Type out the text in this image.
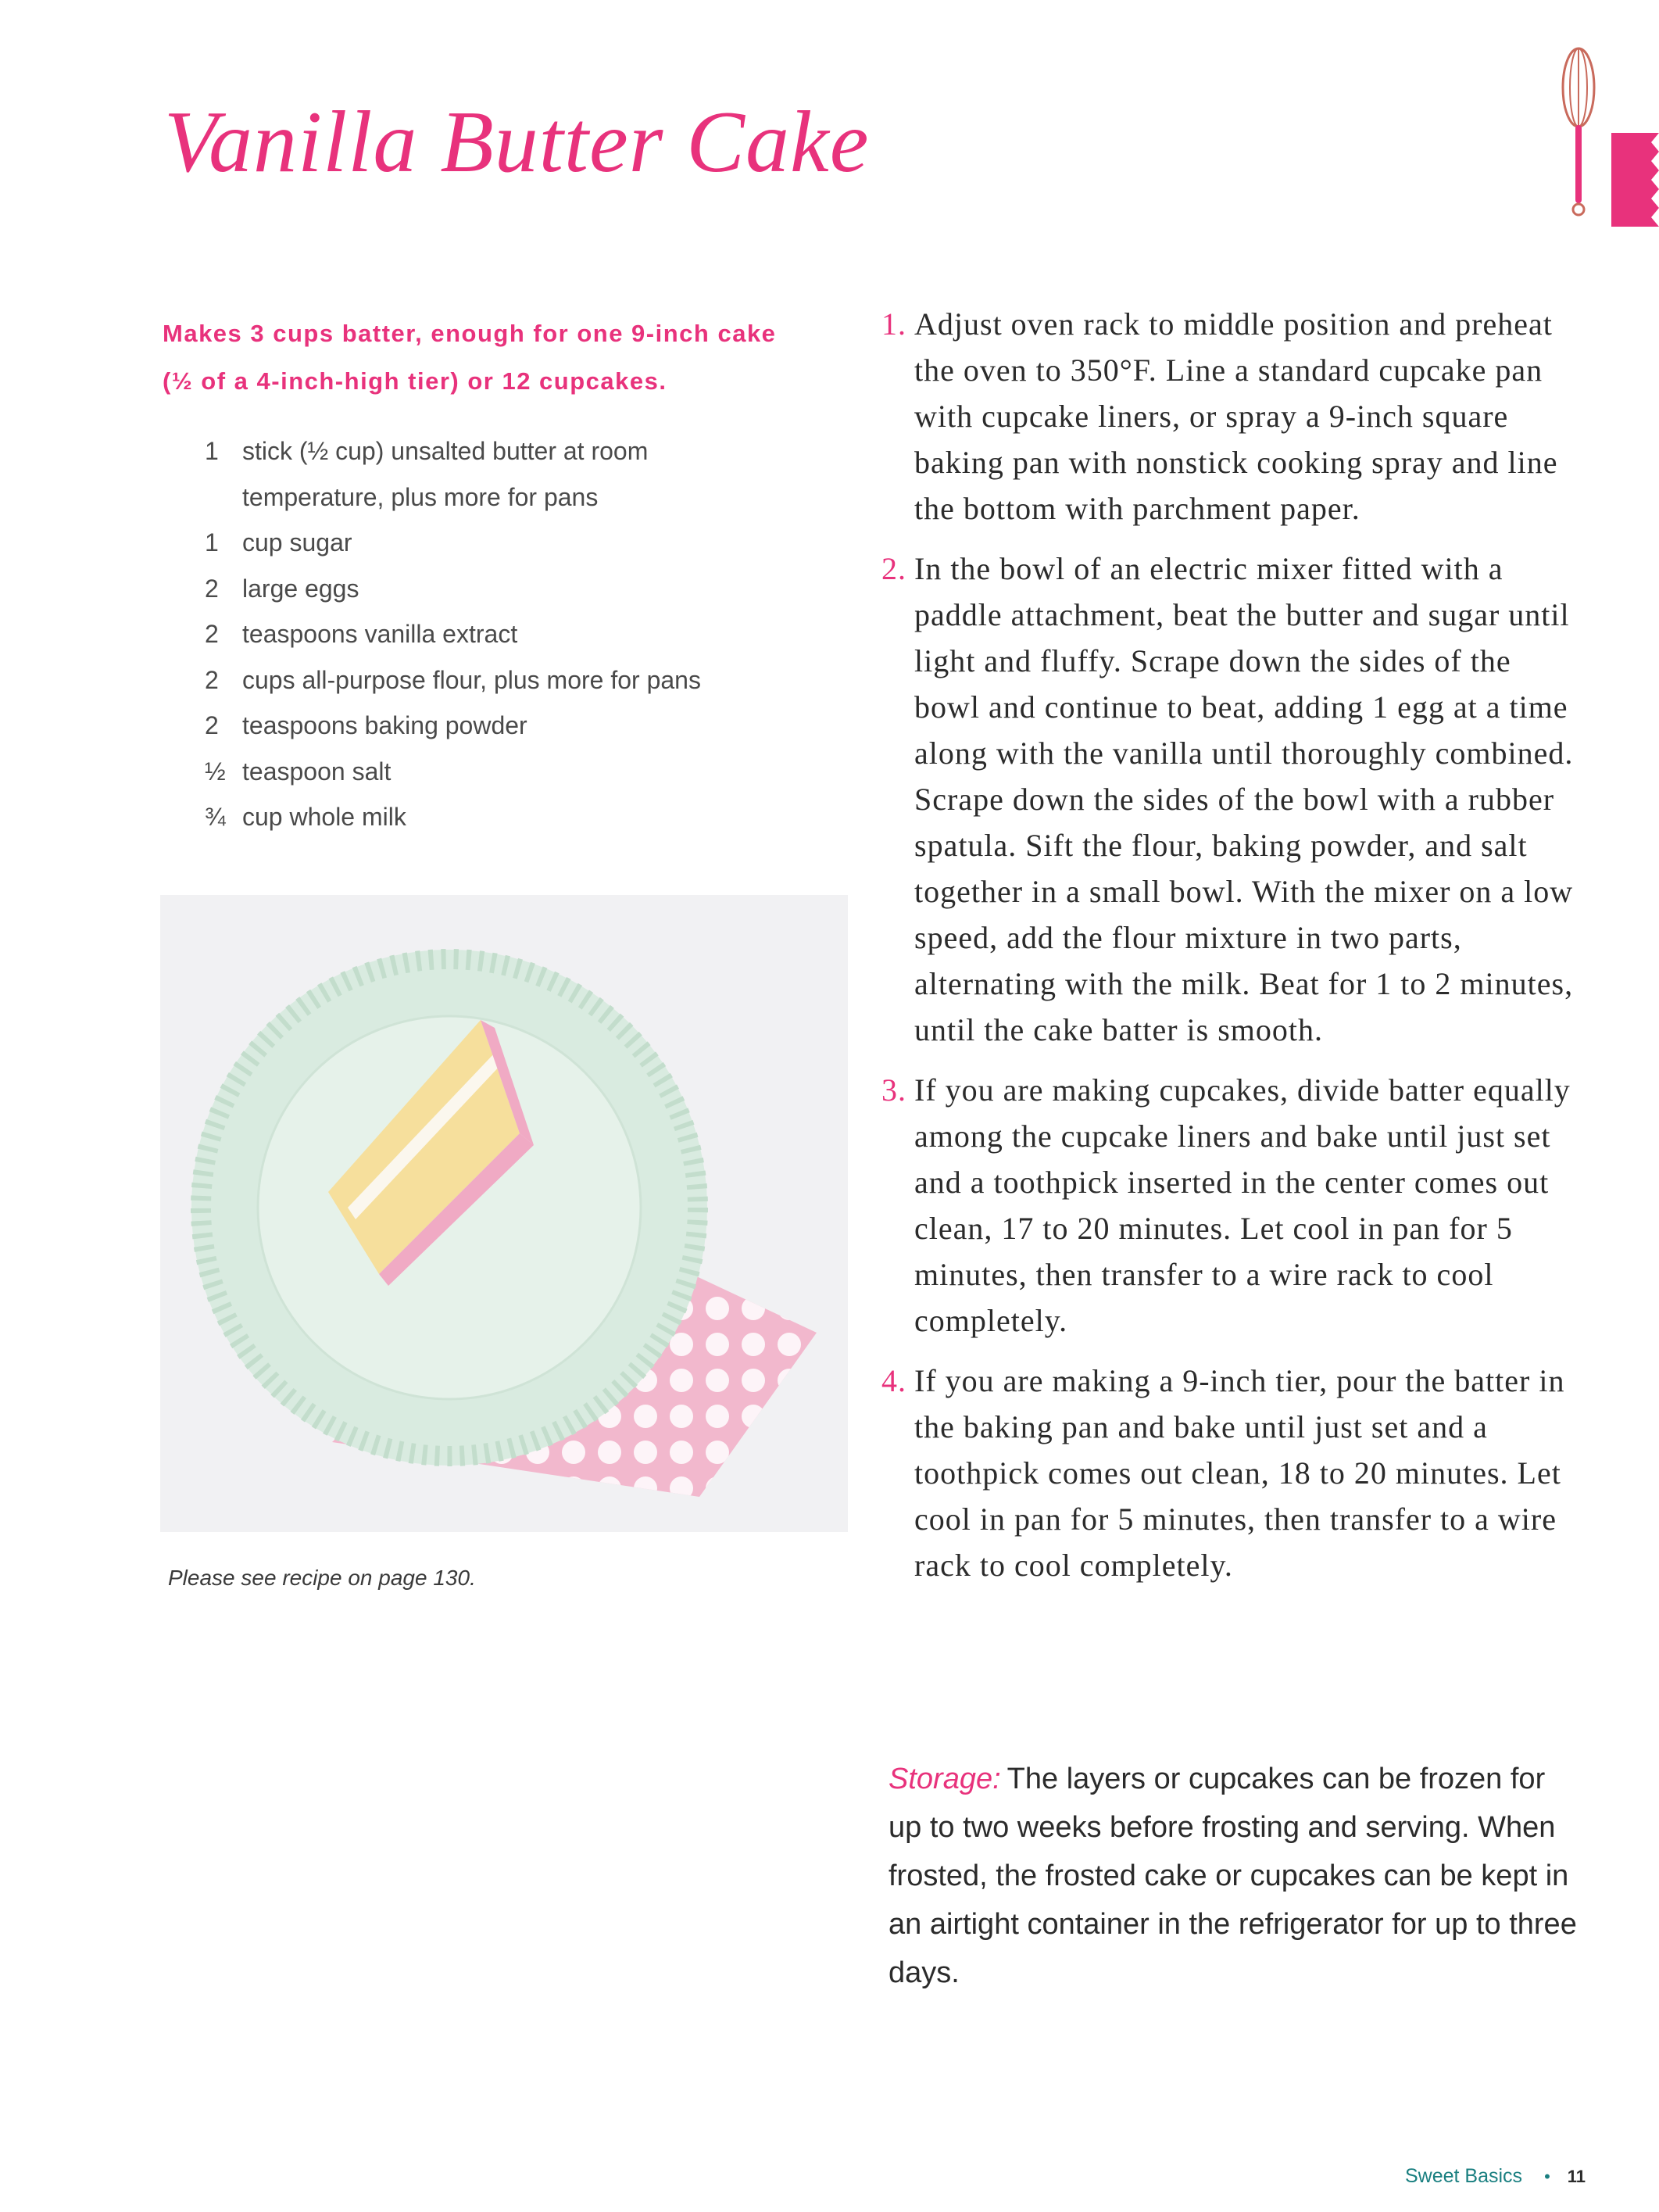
Vanilla Butter Cake
Makes 3 cups batter, enough for one 9-inch cake
(½ of a 4-inch-high tier) or 12 cupcakes.
1 stick (½ cup) unsalted butter at room
temperature, plus more for pans
1 cup sugar
2 large eggs
2 teaspoons vanilla extract
2 cups all-purpose flour, plus more for pans
2 teaspoons baking powder
½ teaspoon salt
¾ cup whole milk
Please see recipe on page 130.
1. Adjust oven rack to middle position and preheat the oven to 350°F. Line a standard cupcake pan with cupcake liners, or spray a 9-inch square baking pan with nonstick cooking spray and line the bottom with parchment paper.
2. In the bowl of an electric mixer fitted with a paddle attachment, beat the butter and sugar until light and fluffy. Scrape down the sides of the bowl and continue to beat, adding 1 egg at a time along with the vanilla until thoroughly combined. Scrape down the sides of the bowl with a rubber spatula. Sift the flour, baking powder, and salt together in a small bowl. With the mixer on a low speed, add the flour mixture in two parts, alternating with the milk. Beat for 1 to 2 minutes, until the cake batter is smooth.
3. If you are making cupcakes, divide batter equally among the cupcake liners and bake until just set and a toothpick inserted in the center comes out clean, 17 to 20 minutes. Let cool in pan for 5 minutes, then transfer to a wire rack to cool completely.
4. If you are making a 9-inch tier, pour the batter in the baking pan and bake until just set and a toothpick comes out clean, 18 to 20 minutes. Let cool in pan for 5 minutes, then transfer to a wire rack to cool completely.
Storage: The layers or cupcakes can be frozen for up to two weeks before frosting and serving. When frosted, the frosted cake or cupcakes can be kept in an airtight container in the refrigerator for up to three days.
Sweet Basics • 11
